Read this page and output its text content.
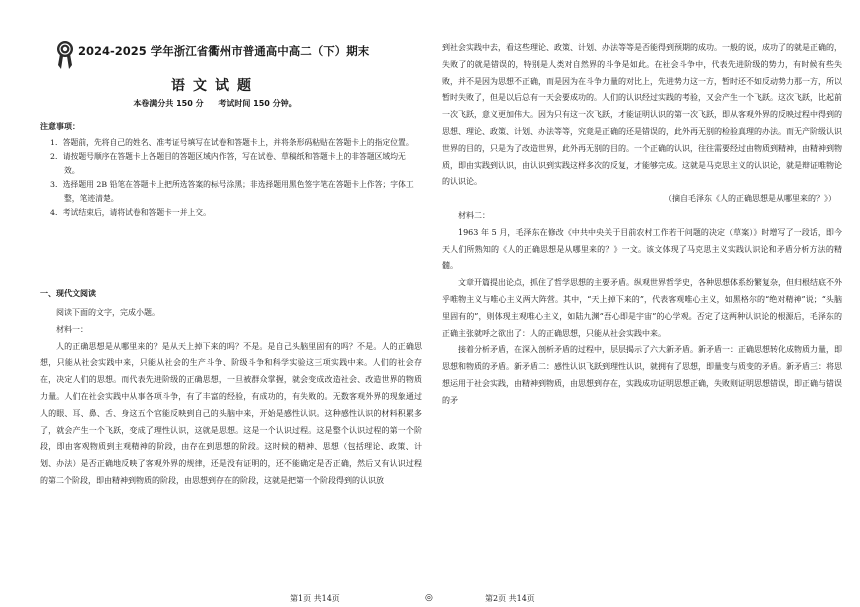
2024-2025 学年浙江省衢州市普通高中高二（下）期末
语文试题
本卷满分共 150 分 考试时间 150 分钟。
注意事项：
1．答题前，先将自己的姓名、准考证号填写在试卷和答题卡上，并将条形码粘贴在答题卡上的指定位置。
2．请按题号顺序在答题卡上各题目的答题区域内作答，写在试卷、草稿纸和答题卡上的非答题区域均无效。
3．选择题用 2B 铅笔在答题卡上把所选答案的标号涂黑；非选择题用黑色签字笔在答题卡上作答；字体工整，笔迹清楚。
4．考试结束后，请将试卷和答题卡一并上交。
一、现代文阅读

阅读下面的文字，完成小题。

材料一：

人的正确思想是从哪里来的？是从天上掉下来的吗？不是。是自己头脑里固有的吗？不是。人的正确思想，只能从社会实践中来，只能从社会的生产斗争、阶级斗争和科学实验这三项实践中来。人们的社会存在，决定人们的思想。而代表先进阶级的正确思想，一旦被群众掌握，就会变成改造社会、改造世界的物质力量。人们在社会实践中从事各项斗争，有了丰富的经验，有成功的，有失败的。无数客观外界的现象通过人的眼、耳、鼻、舌、身这五个官能反映到自己的头脑中来，开始是感性认识。这种感性认识的材料积累多了，就会产生一个飞跃，变成了理性认识，这就是思想。这是一个认识过程。这是整个认识过程的第一个阶段，即由客观物质到主观精神的阶段，由存在到思想的阶段。这时候的精神、思想（包括理论、政策、计划、办法）是否正确地反映了客观外界的规律，还是没有证明的，还不能确定是否正确，然后又有认识过程的第二个阶段，即由精神到物质的阶段，由思想到存在的阶段，这就是把第一个阶段得到的认识放

第1页 共14页	◎

到社会实践中去，看这些理论、政策、计划、办法等等是否能得到预期的成功。一般的说，成功了的就是正确的，失败了的就是错误的，特别是人类对自然界的斗争是如此。在社会斗争中，代表先进阶级的势力，有时候有些失败，并不是因为思想不正确，而是因为在斗争力量的对比上，先进势力这一方，暂时还不如反动势力那一方，所以暂时失败了，但是以后总有一天会要成功的。人们的认识经过实践的考验，又会产生一个飞跃。这次飞跃，比起前一次飞跃，意义更加伟大。因为只有这一次飞跃，才能证明认识的第一次飞跃，即从客观外界的反映过程中得到的思想、理论、政策、计划、办法等等，究竟是正确的还是错误的，此外再无别的检验真理的办法。而无产阶级认识世界的目的，只是为了改造世界，此外再无别的目的。一个正确的认识，往往需要经过由物质到精神，由精神到物质，即由实践到认识，由认识到实践这样多次的反复，才能够完成。这就是马克思主义的认识论，就是辩证唯物论的认识论。

（摘自毛泽东《人的正确思想是从哪里来的？》）

材料二：

1963 年 5 月，毛泽东在修改《中共中央关于目前农村工作若干问题的决定（草案）》时增写了一段话，即今天人们所熟知的《人的正确思想是从哪里来的？》一文。该文体现了马克思主义实践认识论和矛盾分析方法的精髓。

文章开篇提出论点，抓住了哲学思想的主要矛盾。纵观世界哲学史，各种思想体系纷繁复杂，但归根结底不外乎唯物主义与唯心主义两大阵营。其中，“天上掉下来的”，代表客观唯心主义，如黑格尔的“绝对精神”说；“头脑里固有的”，则体现主观唯心主义，如陆九渊“吾心即是宇宙”的心学观。否定了这两种认识论的根源后，毛泽东的正确主张就呼之欲出了：人的正确思想，只能从社会实践中来。

接着分析矛盾，在深入剖析矛盾的过程中，层层揭示了六大新矛盾。新矛盾一：正确思想转化成物质力量，即思想和物质的矛盾。新矛盾二：感性认识飞跃到理性认识，就拥有了思想，即量变与质变的矛盾。新矛盾三：将思想运用于社会实践，由精神到物质，由思想到存在，实践成功证明思想正确，失败则证明思想错误，即正确与错误的矛

第2页 共14页
